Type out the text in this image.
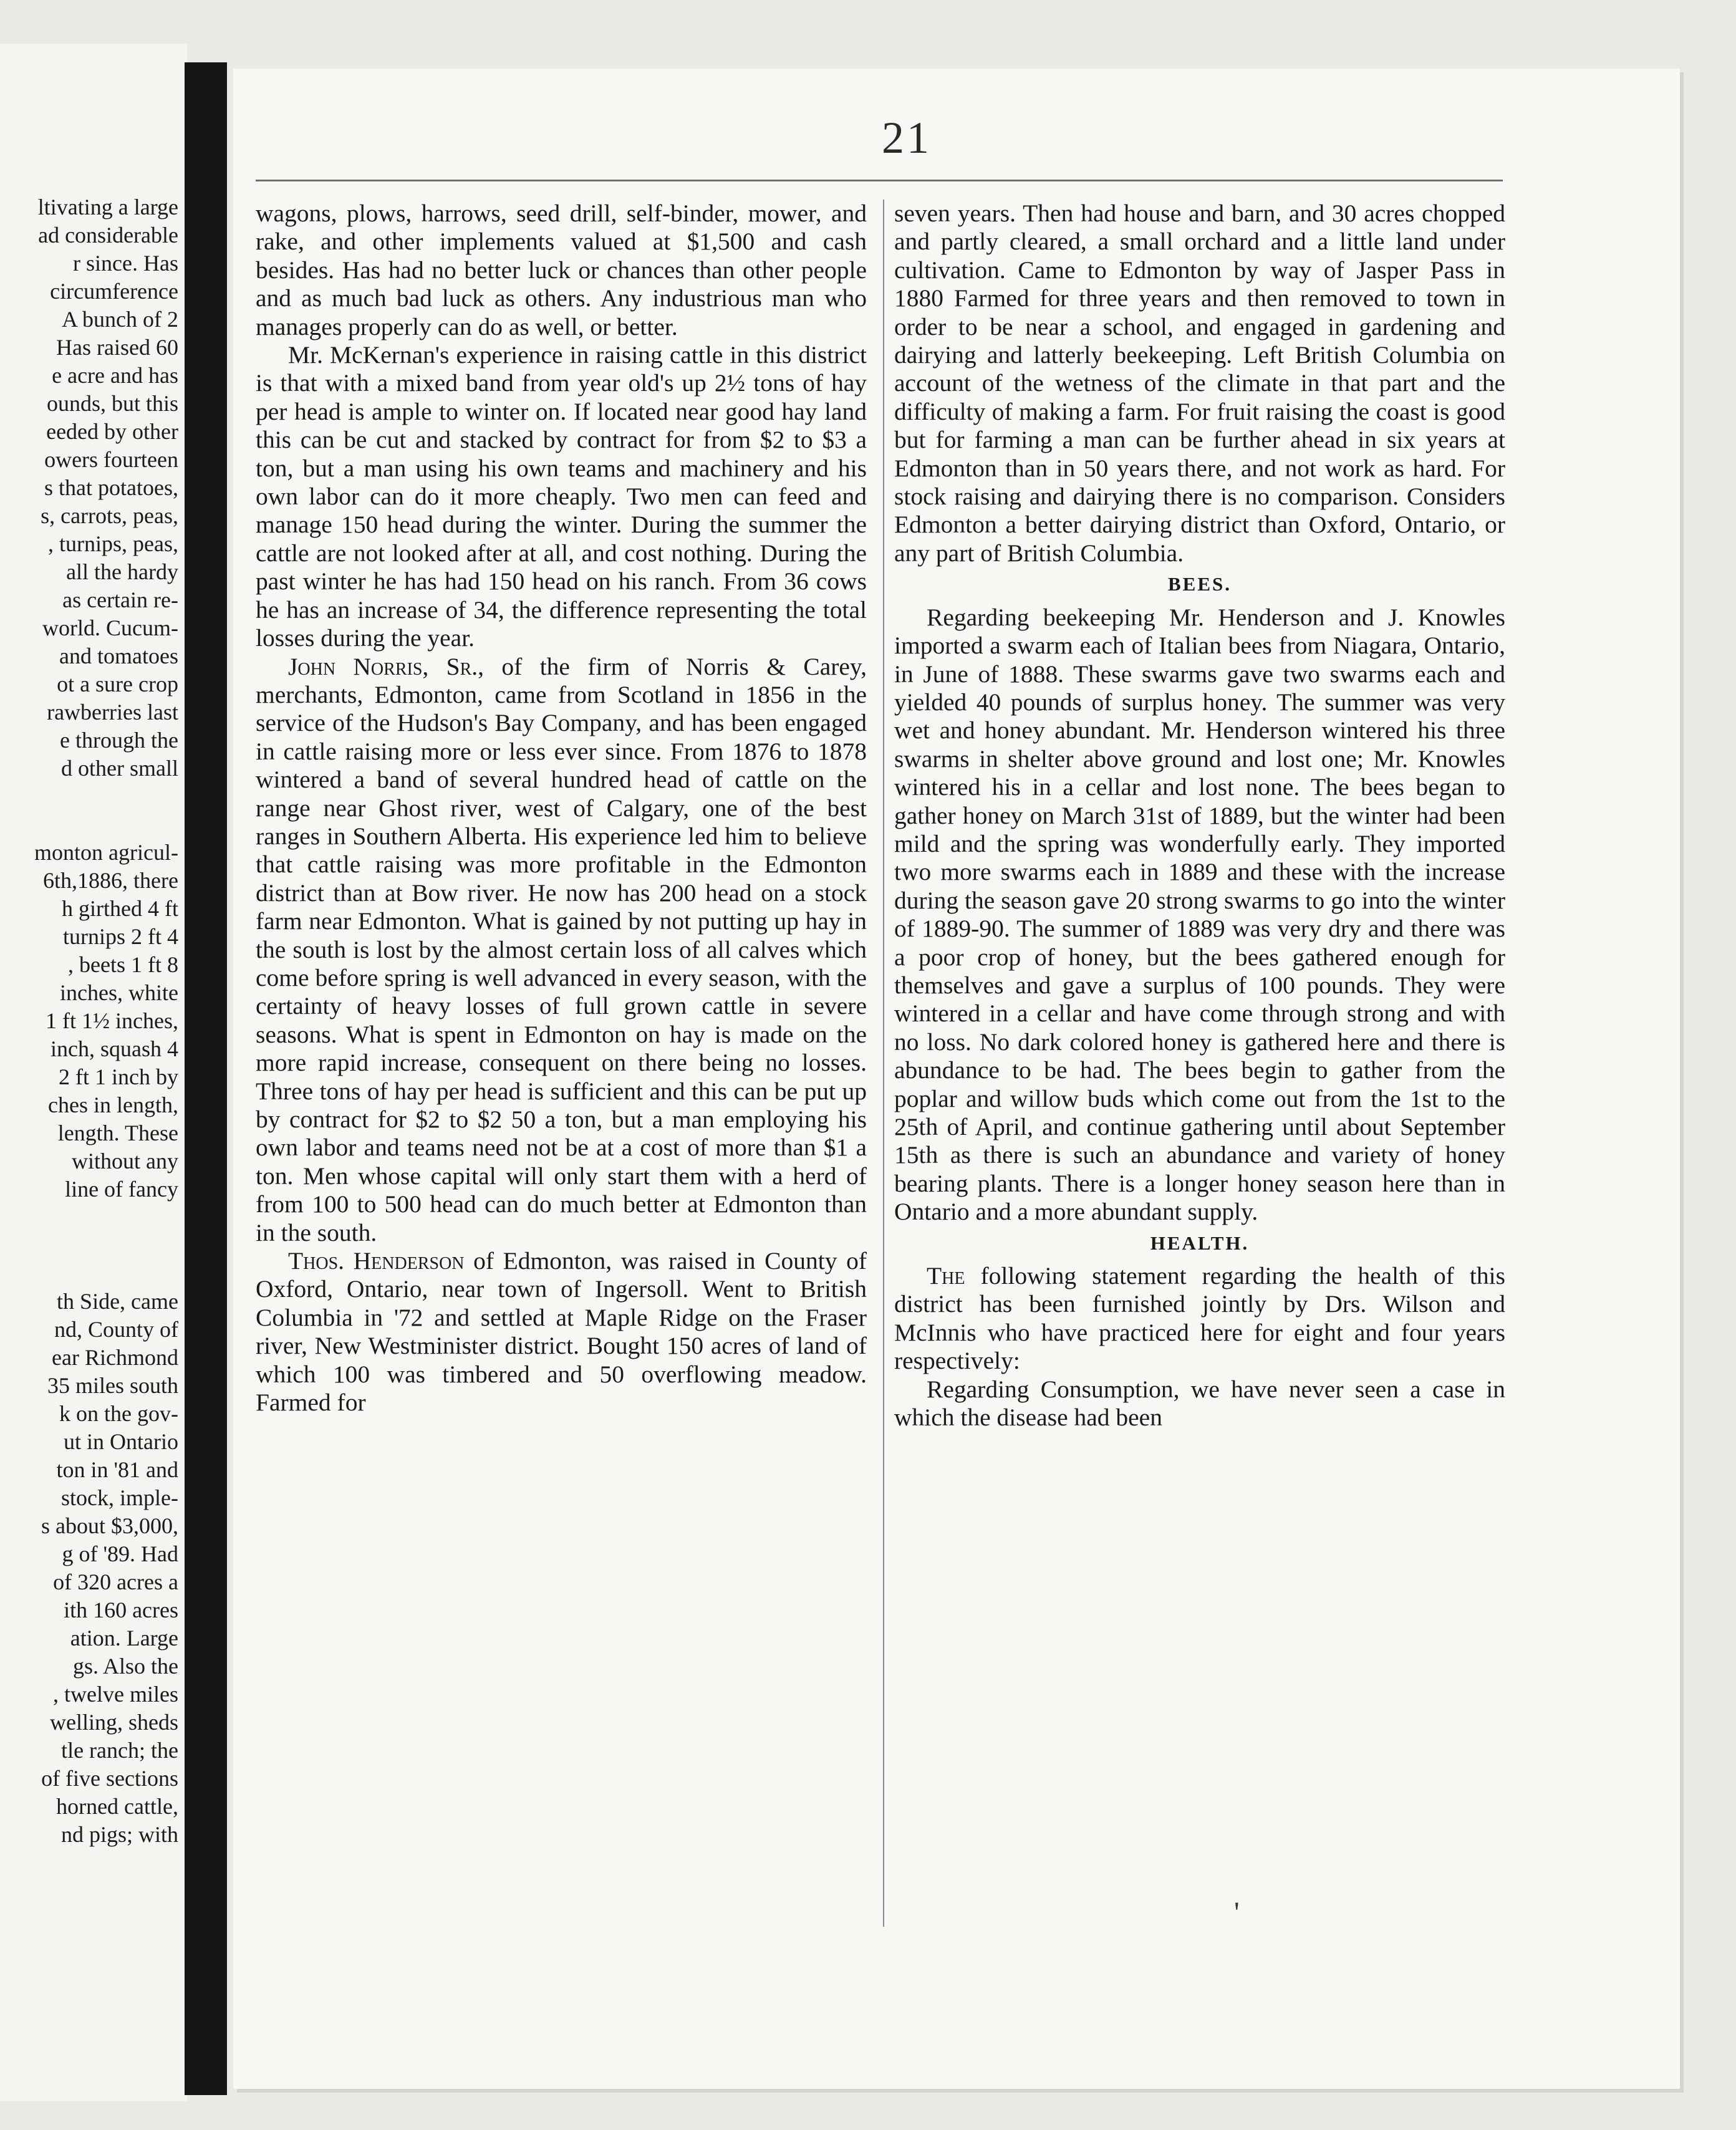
ltivating a large
ad considerable
r since. Has
circumference
A bunch of 2
Has raised 60
e acre and has
ounds, but this
eeded by other
owers fourteen
s that potatoes,
s, carrots, peas,
, turnips, peas,
all the hardy
as certain re-
world. Cucum-
and tomatoes
ot a sure crop
rawberries last
e through the
d other small

monton agricul-
6th,1886, there
h girthed 4 ft
turnips 2 ft 4
, beets 1 ft 8
inches, white
1 ft 1½ inches,
inch, squash 4
2 ft 1 inch by
ches in length,
length. These
without any
line of fancy

th Side, came
nd, County of
ear Richmond
35 miles south
k on the gov-
ut in Ontario
ton in '81 and
stock, imple-
s about $3,000,
g of '89. Had
of 320 acres a
ith 160 acres
ation. Large
gs. Also the
, twelve miles
welling, sheds
tle ranch; the
of five sections
horned cattle,
nd pigs; with
21

wagons, plows, harrows, seed drill, self-binder, mower, and rake, and other implements valued at $1,500 and cash besides. Has had no better luck or chances than other people and as much bad luck as others. Any industrious man who manages properly can do as well, or better.

Mr. McKernan's experience in raising cattle in this district is that with a mixed band from year old's up 2½ tons of hay per head is ample to winter on. If located near good hay land this can be cut and stacked by contract for from $2 to $3 a ton, but a man using his own teams and machinery and his own labor can do it more cheaply. Two men can feed and manage 150 head during the winter. During the summer the cattle are not looked after at all, and cost nothing. During the past winter he has had 150 head on his ranch. From 36 cows he has an increase of 34, the difference representing the total losses during the year.

John Norris, Sr., of the firm of Norris & Carey, merchants, Edmonton, came from Scotland in 1856 in the service of the Hudson's Bay Company, and has been engaged in cattle raising more or less ever since. From 1876 to 1878 wintered a band of several hundred head of cattle on the range near Ghost river, west of Calgary, one of the best ranges in Southern Alberta. His experience led him to believe that cattle raising was more profitable in the Edmonton district than at Bow river. He now has 200 head on a stock farm near Edmonton. What is gained by not putting up hay in the south is lost by the almost certain loss of all calves which come before spring is well advanced in every season, with the certainty of heavy losses of full grown cattle in severe seasons. What is spent in Edmonton on hay is made on the more rapid increase, consequent on there being no losses. Three tons of hay per head is sufficient and this can be put up by contract for $2 to $2 50 a ton, but a man employing his own labor and teams need not be at a cost of more than $1 a ton. Men whose capital will only start them with a herd of from 100 to 500 head can do much better at Edmonton than in the south.

Thos. Henderson of Edmonton, was raised in County of Oxford, Ontario, near town of Ingersoll. Went to British Columbia in '72 and settled at Maple Ridge on the Fraser river, New Westminister district. Bought 150 acres of land of which 100 was timbered and 50 overflowing meadow. Farmed for

seven years. Then had house and barn, and 30 acres chopped and partly cleared, a small orchard and a little land under cultivation. Came to Edmonton by way of Jasper Pass in 1880 Farmed for three years and then removed to town in order to be near a school, and engaged in gardening and dairying and latterly beekeeping. Left British Columbia on account of the wetness of the climate in that part and the difficulty of making a farm. For fruit raising the coast is good but for farming a man can be further ahead in six years at Edmonton than in 50 years there, and not work as hard. For stock raising and dairying there is no comparison. Considers Edmonton a better dairying district than Oxford, Ontario, or any part of British Columbia.

BEES.

Regarding beekeeping Mr. Henderson and J. Knowles imported a swarm each of Italian bees from Niagara, Ontario, in June of 1888. These swarms gave two swarms each and yielded 40 pounds of surplus honey. The summer was very wet and honey abundant. Mr. Henderson wintered his three swarms in shelter above ground and lost one; Mr. Knowles wintered his in a cellar and lost none. The bees began to gather honey on March 31st of 1889, but the winter had been mild and the spring was wonderfully early. They imported two more swarms each in 1889 and these with the increase during the season gave 20 strong swarms to go into the winter of 1889-90. The summer of 1889 was very dry and there was a poor crop of honey, but the bees gathered enough for themselves and gave a surplus of 100 pounds. They were wintered in a cellar and have come through strong and with no loss. No dark colored honey is gathered here and there is abundance to be had. The bees begin to gather from the poplar and willow buds which come out from the 1st to the 25th of April, and continue gathering until about September 15th as there is such an abundance and variety of honey bearing plants. There is a longer honey season here than in Ontario and a more abundant supply.

HEALTH.

The following statement regarding the health of this district has been furnished jointly by Drs. Wilson and McInnis who have practiced here for eight and four years respectively:

Regarding Consumption, we have never seen a case in which the disease had been

'
